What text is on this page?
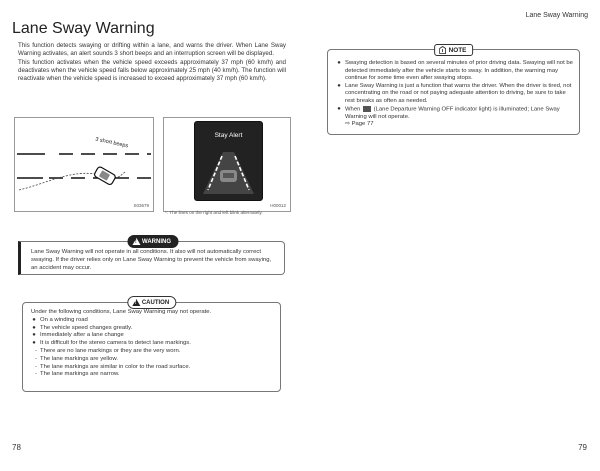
Lane Sway Warning
Lane Sway Warning

This function detects swaying or drifting within a lane, and warns the driver. When Lane Sway Warning activates, an alert sounds 3 short beeps and an interruption screen will be displayed.

This function activates when the vehicle speed exceeds approximately 37 mph (60 km/h) and deactivates when the vehicle speed falls below approximately 25 mph (40 km/h). The function will reactivate when the vehicle speed is increased to exceed approximately 37 mph (60 km/h).

3 short beeps
S03679
Stay Alert
H00012
*: The lines on the right and left blink alternately.
! WARNING
Lane Sway Warning will not operate in all conditions. It also will not automatically correct swaying. If the driver relies only on Lane Sway Warning to prevent the vehicle from swaying, an accident may occur.
! CAUTION
Under the following conditions, Lane Sway Warning may not operate.
● On a winding road
● The vehicle speed changes greatly.
● Immediately after a lane change
● It is difficult for the stereo camera to detect lane markings.
- There are no lane markings or they are the very worn.
- The lane markings are yellow.
- The lane markings are similar in color to the road surface.
- The lane markings are narrow.
NOTE
● Swaying detection is based on several minutes of prior driving data. Swaying will not be detected immediately after the vehicle starts to sway. In addition, the warning may continue for some time even after swaying stops.
● Lane Sway Warning is just a function that warns the driver. When the driver is tired, not concentrating on the road or not paying adequate attention to driving, be sure to take rest breaks as often as needed.
● When (Lane Departure Warning OFF indicator light) is illuminated; Lane Sway Warning will not operate.
⇨ Page 77
78	79
